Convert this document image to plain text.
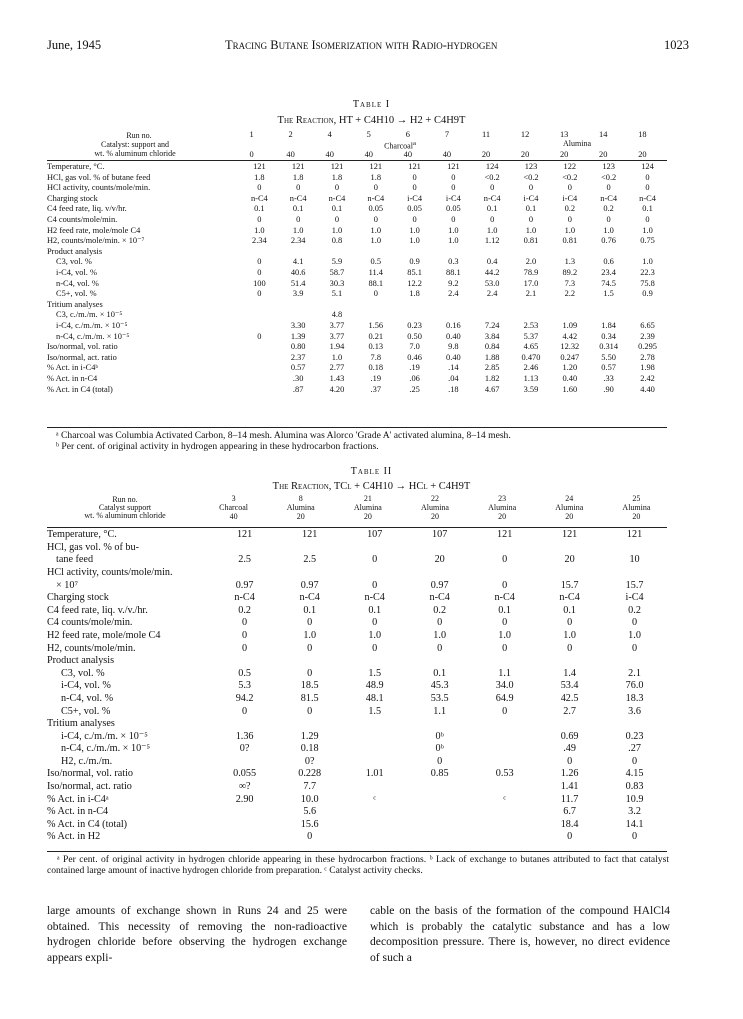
June, 1945	Tracing Butane Isomerization with Radio-hydrogen	1023
Table I
The Reaction, HT + C4H10 → H2 + C4H9T
Run no.
Catalyst: support and
wt. % aluminum chloride
1	2	4	5	6	7	11	12	13	14	18
Charcoal$^a$	Alumina
0	40	40	40	40	40	20	20	20	20	20
Temperature, °C.	121	121	121	121	121	121	124	123	122	123	124
HCl, gas vol. % of butane feed	1.8	1.8	1.8	1.8	0	0	<0.2	<0.2	<0.2	<0.2	0
HCl activity, counts/mole/min.	0	0	0	0	0	0	0	0	0	0	0
Charging stock	n-C4	n-C4	n-C4	n-C4	i-C4	i-C4	n-C4	i-C4	i-C4	n-C4	n-C4
C4 feed rate, liq. v/v/hr.	0.1	0.1	0.1	0.05	0.05	0.05	0.1	0.1	0.2	0.2	0.1
C4 counts/mole/min.	0	0	0	0	0	0	0	0	0	0	0
H2 feed rate, mole/mole C4	1.0	1.0	1.0	1.0	1.0	1.0	1.0	1.0	1.0	1.0	1.0
H2, counts/mole/min. × 10⁻⁷	2.34	2.34	0.8	1.0	1.0	1.0	1.12	0.81	0.81	0.76	0.75
Product analysis											
C3, vol. %	0	4.1	5.9	0.5	0.9	0.3	0.4	2.0	1.3	0.6	1.0
i-C4, vol. %	0	40.6	58.7	11.4	85.1	88.1	44.2	78.9	89.2	23.4	22.3
n-C4, vol. %	100	51.4	30.3	88.1	12.2	9.2	53.0	17.0	7.3	74.5	75.8
C5+, vol. %	0	3.9	5.1	0	1.8	2.4	2.4	2.1	2.2	1.5	0.9
Tritium analyses											
C3, c./m./m. × 10⁻⁵			4.8								
i-C4, c./m./m. × 10⁻⁵		3.30	3.77	1.56	0.23	0.16	7.24	2.53	1.09	1.84	6.65
n-C4, c./m./m. × 10⁻⁵	0	1.39	3.77	0.21	0.50	0.40	3.84	5.37	4.42	0.34	2.39
Iso/normal, vol. ratio		0.80	1.94	0.13	7.0	9.8	0.84	4.65	12.32	0.314	0.295
Iso/normal, act. ratio		2.37	1.0	7.8	0.46	0.40	1.88	0.470	0.247	5.50	2.78
% Act. in i-C4ᵇ		0.57	2.77	0.18	.19	.14	2.85	2.46	1.20	0.57	1.98
% Act. in n-C4		.30	1.43	.19	.06	.04	1.82	1.13	0.40	.33	2.42
% Act. in C4 (total)		.87	4.20	.37	.25	.18	4.67	3.59	1.60	.90	4.40
ᵃ Charcoal was Columbia Activated Carbon, 8–14 mesh. Alumina was Alorco 'Grade A' activated alumina, 8–14 mesh.
ᵇ Per cent. of original activity in hydrogen appearing in these hydrocarbon fractions.
Table II
The Reaction, TCl + C4H10 → HCl + C4H9T
Run no.
Catalyst support
wt. % aluminum chloride
3	8	21	22	23	24	25
Charcoal	Alumina	Alumina	Alumina	Alumina	Alumina	Alumina
40	20	20	20	20	20	20
Temperature, °C.	121	121	107	107	121	121	121
HCl, gas vol. % of bu-							
tane feed	2.5	2.5	0	20	0	20	10
HCl activity, counts/mole/min.							
× 10⁷	0.97	0.97	0	0.97	0	15.7	15.7
Charging stock	n-C4	n-C4	n-C4	n-C4	n-C4	n-C4	i-C4
C4 feed rate, liq. v./v./hr.	0.2	0.1	0.1	0.2	0.1	0.1	0.2
C4 counts/mole/min.	0	0	0	0	0	0	0
H2 feed rate, mole/mole C4	0	1.0	1.0	1.0	1.0	1.0	1.0
H2, counts/mole/min.	0	0	0	0	0	0	0
Product analysis							
C3, vol. %	0.5	0	1.5	0.1	1.1	1.4	2.1
i-C4, vol. %	5.3	18.5	48.9	45.3	34.0	53.4	76.0
n-C4, vol. %	94.2	81.5	48.1	53.5	64.9	42.5	18.3
C5+, vol. %	0	0	1.5	1.1	0	2.7	3.6
Tritium analyses							
i-C4, c./m./m. × 10⁻⁵	1.36	1.29		0ᵇ		0.69	0.23
n-C4, c./m./m. × 10⁻⁵	0?	0.18		0ᵇ		.49	.27
H2, c./m./m.		0?		0		0	0
Iso/normal, vol. ratio	0.055	0.228	1.01	0.85	0.53	1.26	4.15
Iso/normal, act. ratio	∞?	7.7				1.41	0.83
% Act. in i-C4ᵃ	2.90	10.0	ᶜ		ᶜ	11.7	10.9
% Act. in n-C4		5.6				6.7	3.2
% Act. in C4 (total)		15.6				18.4	14.1
% Act. in H2		0				0	0
ᵃ Per cent. of original activity in hydrogen chloride appearing in these hydrocarbon fractions. ᵇ Lack of exchange to butanes attributed to fact that catalyst contained large amount of inactive hydrogen chloride from preparation. ᶜ Catalyst activity checks.
large amounts of exchange shown in Runs 24 and 25 were obtained. This necessity of removing the non-radioactive hydrogen chloride before observing the hydrogen exchange appears expli-
cable on the basis of the formation of the compound HAlCl4 which is probably the catalytic substance and has a low decomposition pressure. There is, however, no direct evidence of such a
